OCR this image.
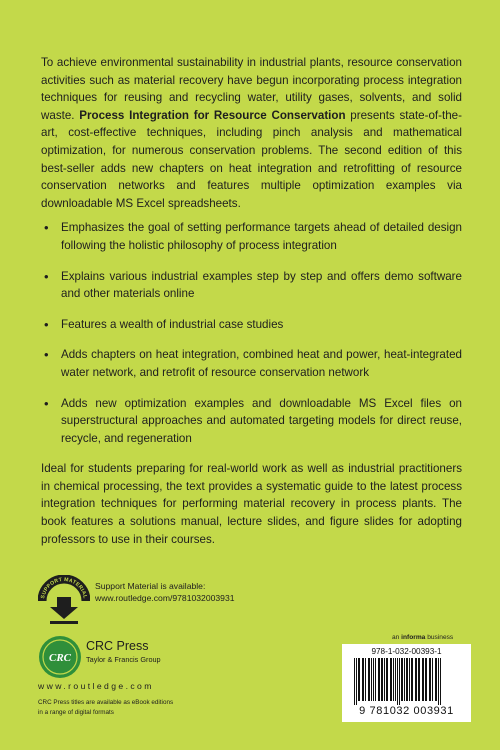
To achieve environmental sustainability in industrial plants, resource conservation activities such as material recovery have begun incorporating process integration techniques for reusing and recycling water, utility gases, solvents, and solid waste. Process Integration for Resource Conservation presents state-of-the-art, cost-effective techniques, including pinch analysis and mathematical optimization, for numerous conservation problems. The second edition of this best-seller adds new chapters on heat integration and retrofitting of resource conservation networks and features multiple optimization examples via downloadable MS Excel spreadsheets.

• Emphasizes the goal of setting performance targets ahead of detailed design following the holistic philosophy of process integration
• Explains various industrial examples step by step and offers demo software and other materials online
• Features a wealth of industrial case studies
• Adds chapters on heat integration, combined heat and power, heat-integrated water network, and retrofit of resource conservation network
• Adds new optimization examples and downloadable MS Excel files on superstructural approaches and automated targeting models for direct reuse, recycle, and regeneration

Ideal for students preparing for real-world work as well as industrial practitioners in chemical processing, the text provides a systematic guide to the latest process integration techniques for performing material recovery in process plants. The book features a solutions manual, lecture slides, and figure slides for adopting professors to use in their courses.

SUPPORT MATERIAL
Support Material is available:
www.routledge.com/9781032003931
CRC
CRC Press
Taylor & Francis Group
www.routledge.com
CRC Press titles are available as eBook editions
in a range of digital formats
an informa business
978-1-032-00393-1
9 781032 003931
